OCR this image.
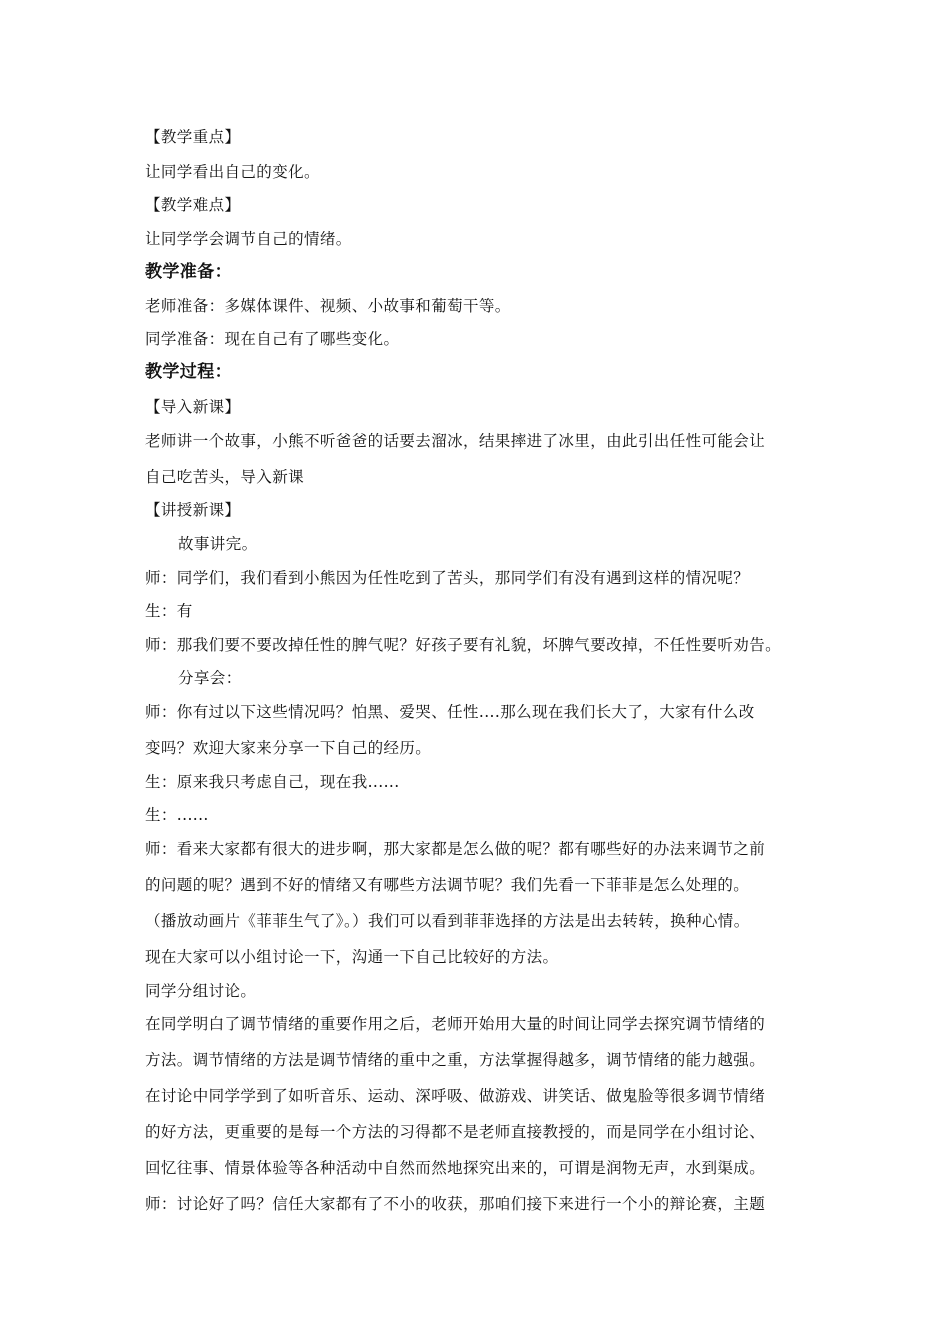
【教学重点】
让同学看出自己的变化。
【教学难点】
让同学学会调节自己的情绪。
教学准备：
老师准备：多媒体课件、视频、小故事和葡萄干等。
同学准备：现在自己有了哪些变化。
教学过程：
【导入新课】
老师讲一个故事，小熊不听爸爸的话要去溜冰，结果摔进了冰里，由此引出任性可能会让
自己吃苦头，导入新课
【讲授新课】
故事讲完。
师：同学们，我们看到小熊因为任性吃到了苦头，那同学们有没有遇到这样的情况呢？
生：有
师：那我们要不要改掉任性的脾气呢？好孩子要有礼貌，坏脾气要改掉，不任性要听劝告。
分享会：
师：你有过以下这些情况吗？怕黑、爱哭、任性....那么现在我们长大了，大家有什么改
变吗？欢迎大家来分享一下自己的经历。
生：原来我只考虑自己，现在我......
生：......
师：看来大家都有很大的进步啊，那大家都是怎么做的呢？都有哪些好的办法来调节之前
的问题的呢？遇到不好的情绪又有哪些方法调节呢？我们先看一下菲菲是怎么处理的。
（播放动画片《菲菲生气了》。）我们可以看到菲菲选择的方法是出去转转，换种心情。
现在大家可以小组讨论一下，沟通一下自己比较好的方法。
同学分组讨论。
在同学明白了调节情绪的重要作用之后，老师开始用大量的时间让同学去探究调节情绪的
方法。调节情绪的方法是调节情绪的重中之重，方法掌握得越多，调节情绪的能力越强。
在讨论中同学学到了如听音乐、运动、深呼吸、做游戏、讲笑话、做鬼脸等很多调节情绪
的好方法，更重要的是每一个方法的习得都不是老师直接教授的，而是同学在小组讨论、
回忆往事、情景体验等各种活动中自然而然地探究出来的，可谓是润物无声，水到渠成。
师：讨论好了吗？信任大家都有了不小的收获，那咱们接下来进行一个小的辩论赛，主题
